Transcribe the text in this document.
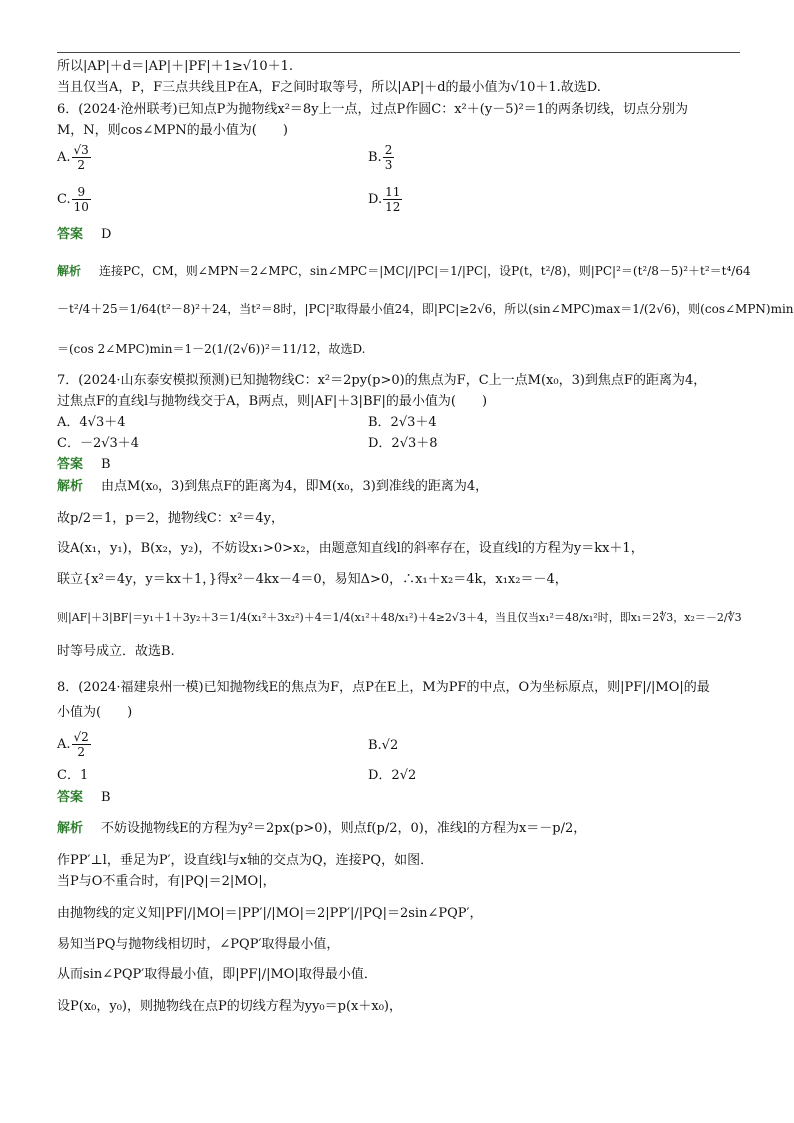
所以|AP|＋d＝|AP|＋|PF|＋1≥√10＋1.
当且仅当A，P，F三点共线且P在A，F之间时取等号，所以|AP|＋d的最小值为√10＋1.故选D.
6．(2024·沧州联考)已知点P为抛物线x²＝8y上一点，过点P作圆C：x²＋(y－5)²＝1的两条切线，切点分别为
M，N，则cos∠MPN的最小值为(　　)
A. $\frac{√3}{2}$	B. $\frac{2}{3}$
C. $\frac{9}{10}$	D. $\frac{11}{12}$
答案 D
解析 连接PC，CM，则∠MPN＝2∠MPC，sin∠MPC＝|MC|/|PC|＝1/|PC|，设P(t，t²/8)，则|PC|²＝(t²/8－5)²＋t²＝t⁴/64
－t²/4＋25＝1/64(t²－8)²＋24，当t²＝8时，|PC|²取得最小值24，即|PC|≥2√6，所以(sin∠MPC)max＝1/(2√6)，则(cos∠MPN)min
＝(cos 2∠MPC)min＝1－2(1/(2√6))²＝11/12，故选D.
7．(2024·山东泰安模拟预测)已知抛物线C：x²＝2py(p>0)的焦点为F，C上一点M(x₀，3)到焦点F的距离为4，
过焦点F的直线l与抛物线交于A，B两点，则|AF|＋3|BF|的最小值为(　　)
A．4√3＋4	B．2√3＋4
C．－2√3＋4	D．2√3＋8
答案 B
解析 由点M(x₀，3)到焦点F的距离为4，即M(x₀，3)到准线的距离为4，
故p/2＝1，p＝2，抛物线C：x²＝4y，
设A(x₁，y₁)，B(x₂，y₂)，不妨设x₁>0>x₂，由题意知直线l的斜率存在，设直线l的方程为y＝kx＋1，
联立{x²＝4y，y＝kx＋1，}得x²－4kx－4＝0，易知Δ>0，∴x₁＋x₂＝4k，x₁x₂＝－4，
则|AF|＋3|BF|＝y₁＋1＋3y₂＋3＝1/4(x₁²＋3x₂²)＋4＝1/4(x₁²＋48/x₁²)＋4≥2√3＋4，当且仅当x₁²＝48/x₁²时，即x₁＝2∜3，x₂＝－2/∜3
时等号成立．故选B.
8．(2024·福建泉州一模)已知抛物线E的焦点为F，点P在E上，M为PF的中点，O为坐标原点，则|PF|/|MO|的最
小值为(　　)
A. $\frac{√2}{2}$	B.√2
C．1	D．2√2
答案 B
解析 不妨设抛物线E的方程为y²＝2px(p>0)，则点f(p/2，0)，准线l的方程为x＝－p/2，
作PP′⊥l，垂足为P′，设直线l与x轴的交点为Q，连接PQ，如图．
当P与O不重合时，有|PQ|＝2|MO|，
由抛物线的定义知|PF|/|MO|＝|PP′|/|MO|＝2|PP′|/|PQ|＝2sin∠PQP′，
易知当PQ与抛物线相切时，∠PQP′取得最小值，
从而sin∠PQP′取得最小值，即|PF|/|MO|取得最小值．
设P(x₀，y₀)，则抛物线在点P的切线方程为yy₀＝p(x＋x₀)，
